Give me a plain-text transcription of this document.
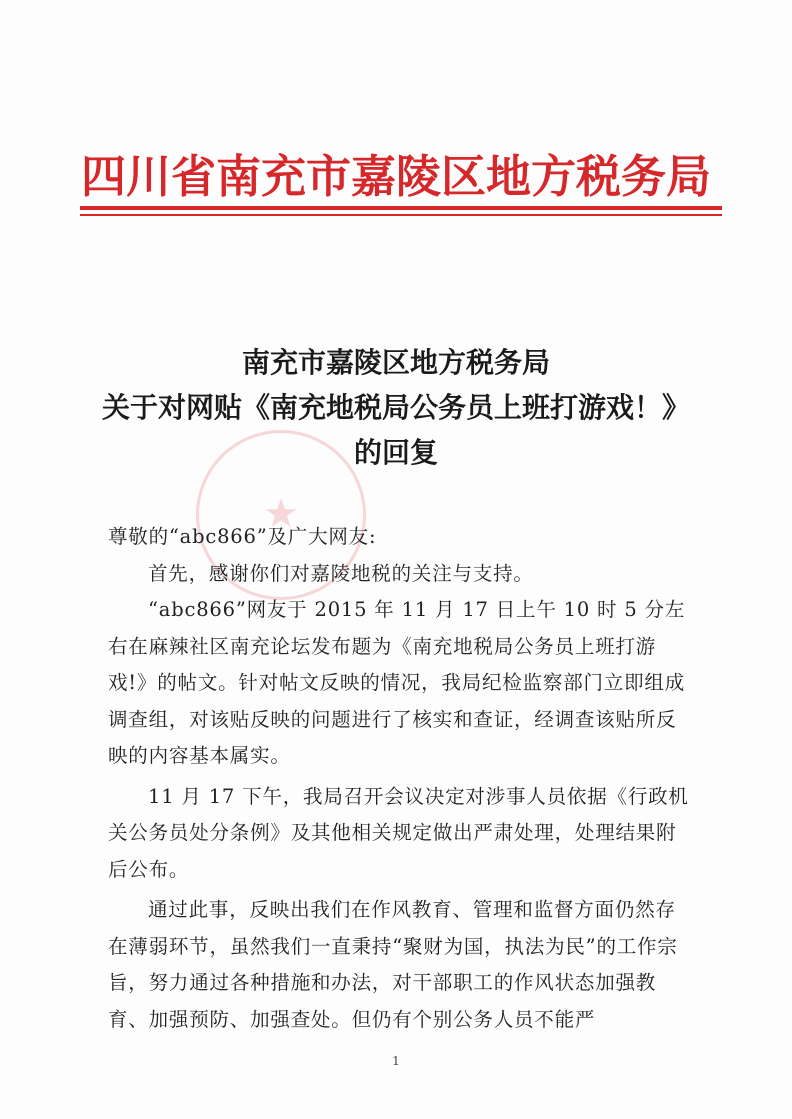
四川省南充市嘉陵区地方税务局
★
南充市嘉陵区地方税务局
关于对网贴《南充地税局公务员上班打游戏！》
的回复

尊敬的“abc866”及广大网友:

首先，感谢你们对嘉陵地税的关注与支持。

“abc866”网友于 2015 年 11 月 17 日上午 10 时 5 分左右在麻辣社区南充论坛发布题为《南充地税局公务员上班打游戏!》的帖文。针对帖文反映的情况，我局纪检监察部门立即组成调查组，对该贴反映的问题进行了核实和查证，经调查该贴所反映的内容基本属实。

11 月 17 下午，我局召开会议决定对涉事人员依据《行政机关公务员处分条例》及其他相关规定做出严肃处理，处理结果附后公布。

通过此事，反映出我们在作风教育、管理和监督方面仍然存在薄弱环节，虽然我们一直秉持“聚财为国，执法为民”的工作宗旨，努力通过各种措施和办法，对干部职工的作风状态加强教育、加强预防、加强查处。但仍有个别公务人员不能严

1
